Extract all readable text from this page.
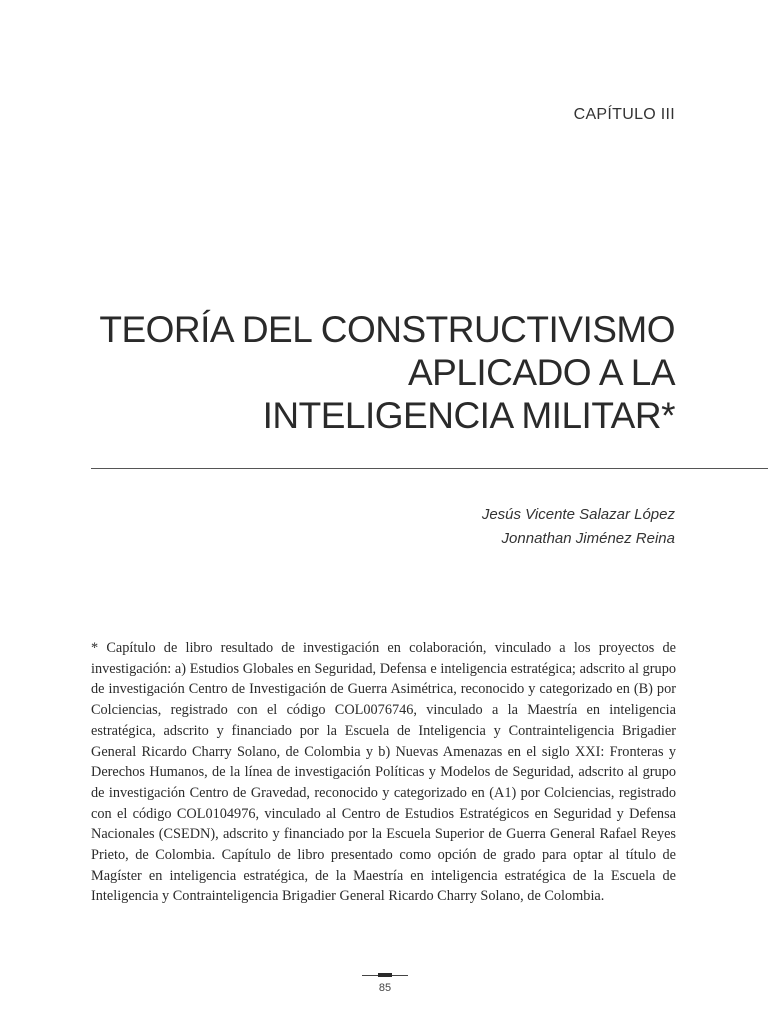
CAPÍTULO III
TEORÍA DEL CONSTRUCTIVISMO
APLICADO A LA
INTELIGENCIA MILITAR*
Jesús Vicente Salazar López
Jonnathan Jiménez Reina

* Capítulo de libro resultado de investigación en colaboración, vinculado a los proyectos de investigación: a) Estudios Globales en Seguridad, Defensa e inteligencia estratégica; adscrito al grupo de investigación Centro de Investigación de Guerra Asimétrica, reconocido y categorizado en (B) por Colciencias, registrado con el código COL0076746, vinculado a la Maestría en inteligencia estratégica, adscrito y financiado por la Escuela de Inteligencia y Contrainteligencia Brigadier General Ricardo Charry Solano, de Colombia y b) Nuevas Amenazas en el siglo XXI: Fronteras y Derechos Humanos, de la línea de investigación Políticas y Modelos de Seguridad, adscrito al grupo de investigación Centro de Gravedad, reconocido y categorizado en (A1) por Colciencias, registrado con el código COL0104976, vinculado al Centro de Estudios Estratégicos en Seguridad y Defensa Nacionales (CSEDN), adscrito y financiado por la Escuela Superior de Guerra General Rafael Reyes Prieto, de Colombia. Capítulo de libro presentado como opción de grado para optar al título de Magíster en inteligencia estratégica, de la Maestría en inteligencia estratégica de la Escuela de Inteligencia y Contrainteligencia Brigadier General Ricardo Charry Solano, de Colombia.

85
